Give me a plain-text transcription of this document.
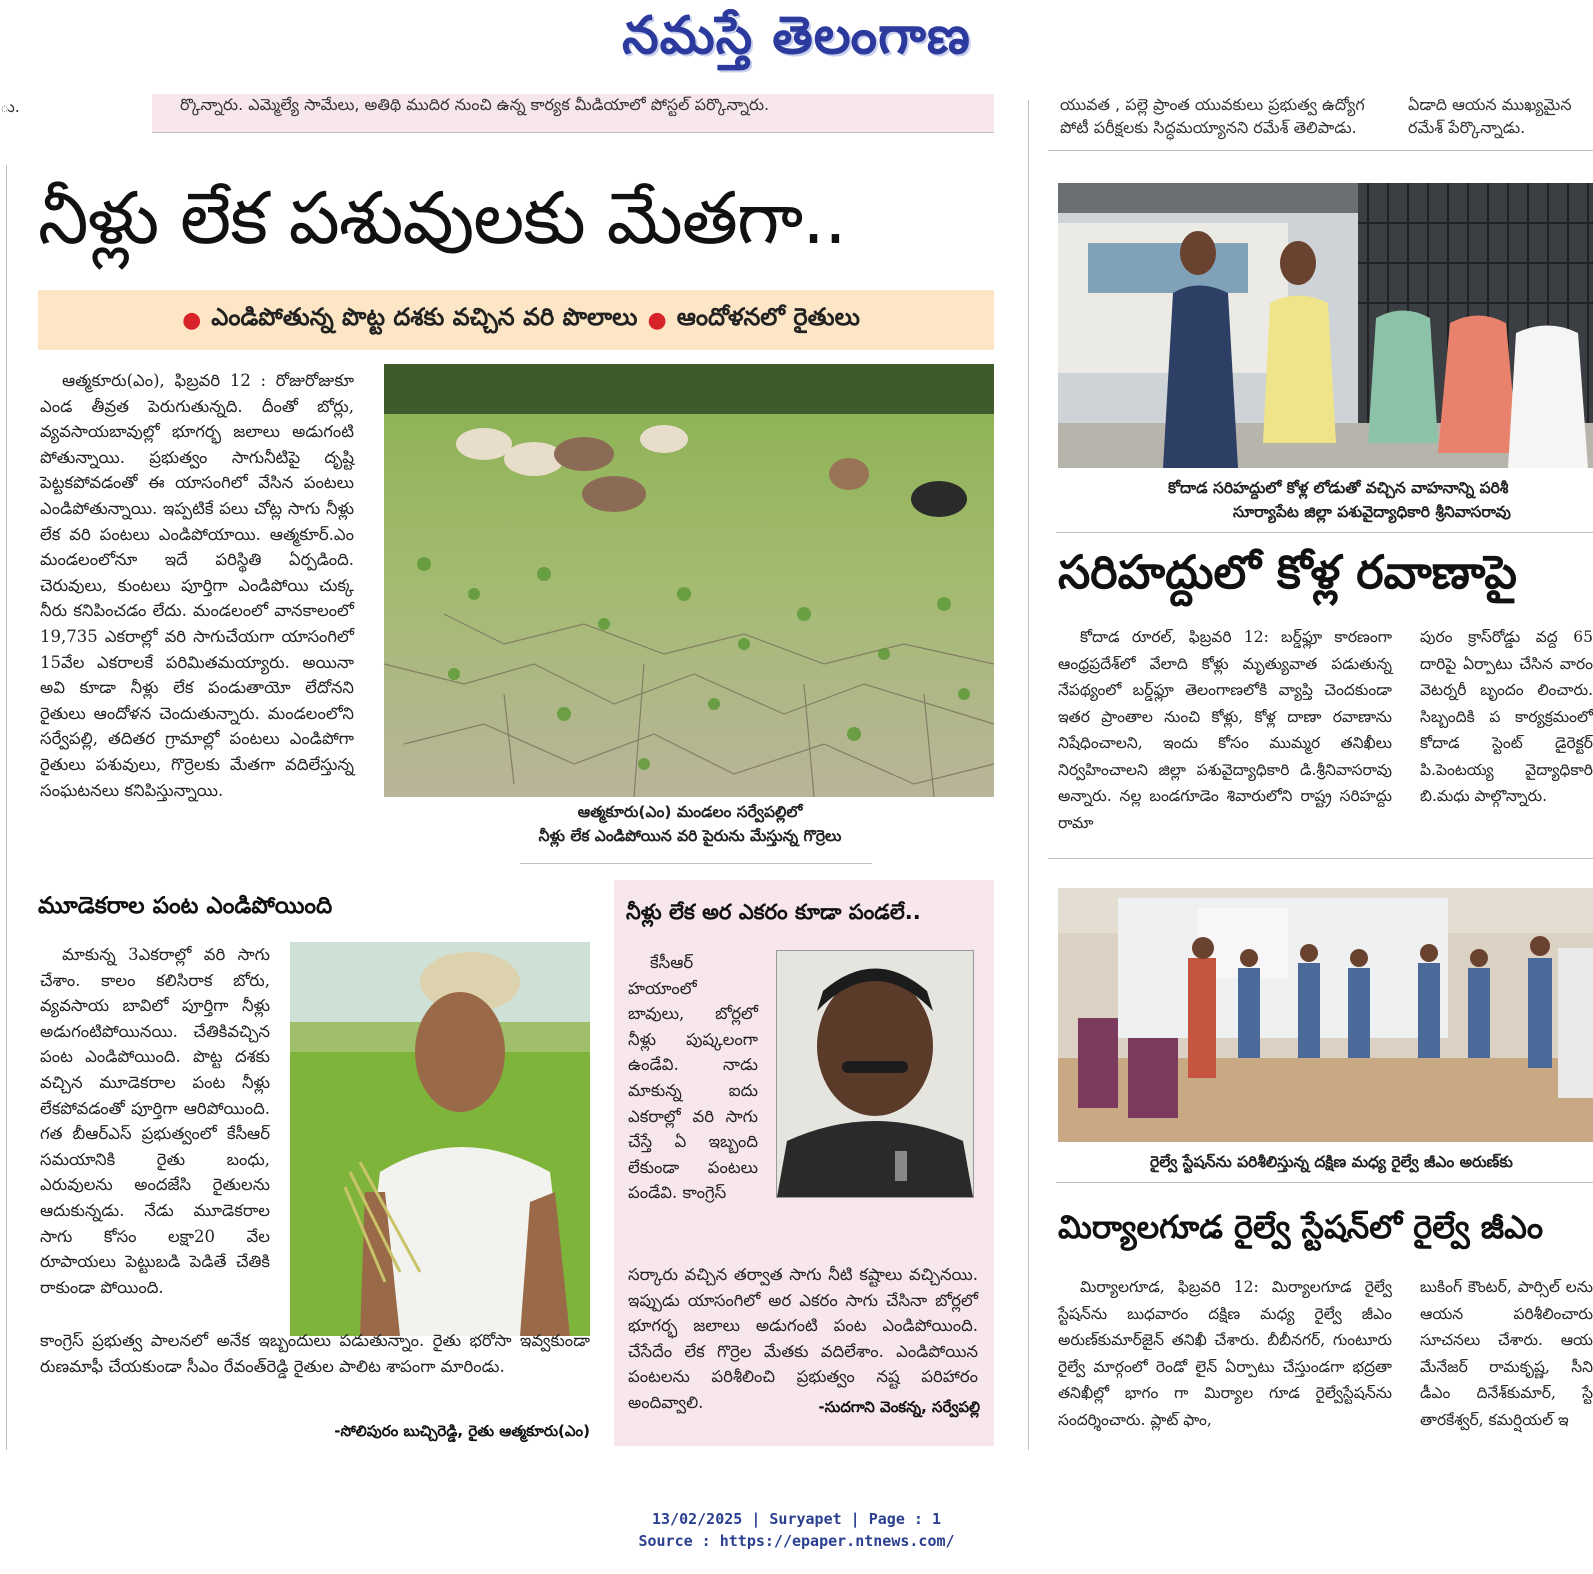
నమస్తే తెలంగాణ
ు.	ర్కొన్నారు. ఎమ్మెల్యే సామేలు, అతిథి ముదిర నుంచి ఉన్న కార్యక మీడియాలో పోస్టల్ పర్కొన్నారు.	యువత , పల్లె ప్రాంత యువకులు ప్రభుత్వ ఉద్యోగ
పోటీ పరీక్షలకు సిద్ధమయ్యానని రమేశ్ తెలిపాడు.
ఏడాది ఆయన ముఖ్యమైన
రమేశ్ పేర్కొన్నాడు.
నీళ్లు లేక పశువులకు మేతగా..
● ఎండిపోతున్న పొట్ట దశకు వచ్చిన వరి పొలాలు ● ఆందోళనలో రైతులు
ఆత్మకూరు(ఎం), ఫిబ్రవరి 12 : రోజురోజుకూ ఎండ తీవ్రత పెరుగుతున్నది. దీంతో బోర్లు, వ్యవసాయబావుల్లో భూగర్భ జలాలు అడుగంటి పోతున్నాయి. ప్రభుత్వం సాగునీటిపై దృష్టి పెట్టకపోవడంతో ఈ యాసంగిలో వేసిన పంటలు ఎండిపోతున్నాయి. ఇప్పటికే పలు చోట్ల సాగు నీళ్లు లేక వరి పంటలు ఎండిపోయాయి. ఆత్మకూర్.ఎం మండలంలోనూ ఇదే పరిస్థితి ఏర్పడింది. చెరువులు, కుంటలు పూర్తిగా ఎండిపోయి చుక్క నీరు కనిపించడం లేదు. మండలంలో వానకాలంలో 19,735 ఎకరాల్లో వరి సాగుచేయగా యాసంగిలో 15వేల ఎకరాలకే పరిమితమయ్యారు. అయినా అవి కూడా నీళ్లు లేక పండుతాయో లేదోనని రైతులు ఆందోళన చెందుతున్నారు. మండలంలోని సర్వేపల్లి, తదితర గ్రామాల్లో పంటలు ఎండిపోగా రైతులు పశువులు, గొర్రెలకు మేతగా వదిలేస్తున్న సంఘటనలు కనిపిస్తున్నాయి.
ఆత్మకూరు(ఎం) మండలం సర్వేపల్లిలో
నీళ్లు లేక ఎండిపోయిన వరి పైరును మేస్తున్న గొర్రెలు
మూడెకరాల పంట ఎండిపోయింది
మాకున్న 3ఎకరాల్లో వరి సాగు చేశాం. కాలం కలిసిరాక బోరు, వ్యవసాయ బావిలో పూర్తిగా నీళ్లు అడుగంటిపోయినయి. చేతికివచ్చిన పంట ఎండిపోయింది. పొట్ట దశకు వచ్చిన మూడెకరాల పంట నీళ్లు లేకపోవడంతో పూర్తిగా ఆరిపోయింది. గత బీఆర్ఎస్ ప్రభుత్వంలో కేసీఆర్ సమయానికి రైతు బంధు, ఎరువులను అందజేసి రైతులను ఆదుకున్నడు. నేడు మూడెకరాల సాగు కోసం లక్షా20 వేల రూపాయలు పెట్టుబడి పెడితే చేతికి రాకుండా పోయింది.
కాంగ్రెస్ ప్రభుత్వ పాలనలో అనేక ఇబ్బందులు పడుతున్నాం. రైతు భరోసా ఇవ్వకుండా రుణమాఫీ చేయకుండా సీఎం రేవంత్‌రెడ్డి రైతుల పాలిట శాపంగా మారిండు.
-సోలిపురం బుచ్చిరెడ్డి, రైతు ఆత్మకూరు(ఎం)
నీళ్లు లేక అర ఎకరం కూడా పండలే..
కేసీఆర్ హయాంలో బావులు, బోర్లలో నీళ్లు పుష్కలంగా ఉండేవి. నాడు మాకున్న ఐదు ఎకరాల్లో వరి సాగు చేస్తే ఏ ఇబ్బంది లేకుండా పంటలు పండేవి. కాంగ్రెస్
సర్కారు వచ్చిన తర్వాత సాగు నీటి కష్టాలు వచ్చినయి. ఇప్పుడు యాసంగిలో అర ఎకరం సాగు చేసినా బోర్లలో భూగర్భ జలాలు అడుగంటి పంట ఎండిపోయింది. చేసేదేం లేక గొర్రెల మేతకు వదిలేశాం. ఎండిపోయిన పంటలను పరిశీలించి ప్రభుత్వం నష్ట పరిహారం అందివ్వాలి.	-సుదగాని వెంకన్న, సర్వేపల్లి
కోదాడ సరిహద్దులో కోళ్ల లోడుతో వచ్చిన వాహనాన్ని పరిశీ
సూర్యాపేట జిల్లా పశువైద్యాధికారి శ్రీనివాసరావు
సరిహద్దులో కోళ్ల రవాణాపై
కోదాడ రూరల్, ఫిబ్రవరి 12: బర్డ్‌ఫ్లూ కారణంగా ఆంధ్రప్రదేశ్‌లో వేలాది కోళ్లు మృత్యువాత పడుతున్న నేపథ్యంలో బర్డ్‌ఫ్లూ తెలంగాణలోకి వ్యాప్తి చెందకుండా ఇతర ప్రాంతాల నుంచి కోళ్లు, కోళ్ల దాణా రవాణాను నిషేధించాలని, ఇందు కోసం ముమ్మర తనిఖీలు నిర్వహించాలని జిల్లా పశువైద్యాధికారి డి.శ్రీనివాసరావు అన్నారు. నల్ల బండగూడెం శివారులోని రాష్ట్ర సరిహద్దు రామా
పురం క్రాస్‌రోడ్డు వద్ద 65 దారిపై ఏర్పాటు చేసిన వారం వెటర్నరీ బృందం లించారు. సిబ్బందికి ప కార్యక్రమంలో కోదాడ స్టెంట్ డైరెక్టర్ పి.పెంటయ్య వైద్యాధికారి బి.మధు పాల్గొన్నారు.
రైల్వే స్టేషన్‌ను పరిశీలిస్తున్న దక్షిణ మధ్య రైల్వే జీఎం అరుణ్‌కు
మిర్యాలగూడ రైల్వే స్టేషన్‌లో రైల్వే జీఎం
మిర్యాలగూడ, ఫిబ్రవరి 12: మిర్యాలగూడ రైల్వే స్టేషన్‌ను బుధవారం దక్షిణ మధ్య రైల్వే జీఎం అరుణ్‌కుమార్‌జైన్ తనిఖీ చేశారు. బీబీనగర్, గుంటూరు రైల్వే మార్గంలో రెండో లైన్ ఏర్పాటు చేస్తుండగా భద్రతా తనిఖీల్లో భాగం గా మిర్యాల గూడ రైల్వేస్టేషన్‌ను సందర్శించారు. ప్లాట్ ఫాం,
బుకింగ్ కౌంటర్, పార్సిల్ లను ఆయన పరిశీలించారు సూచనలు చేశారు. ఆయ మేనేజర్ రామకృష్ణ, సీని డీఎం దినేశ్‌కుమార్, స్టే తారకేశ్వర్, కమర్షియల్ ఇ
13/02/2025 | Suryapet | Page : 1
Source : https://epaper.ntnews.com/
